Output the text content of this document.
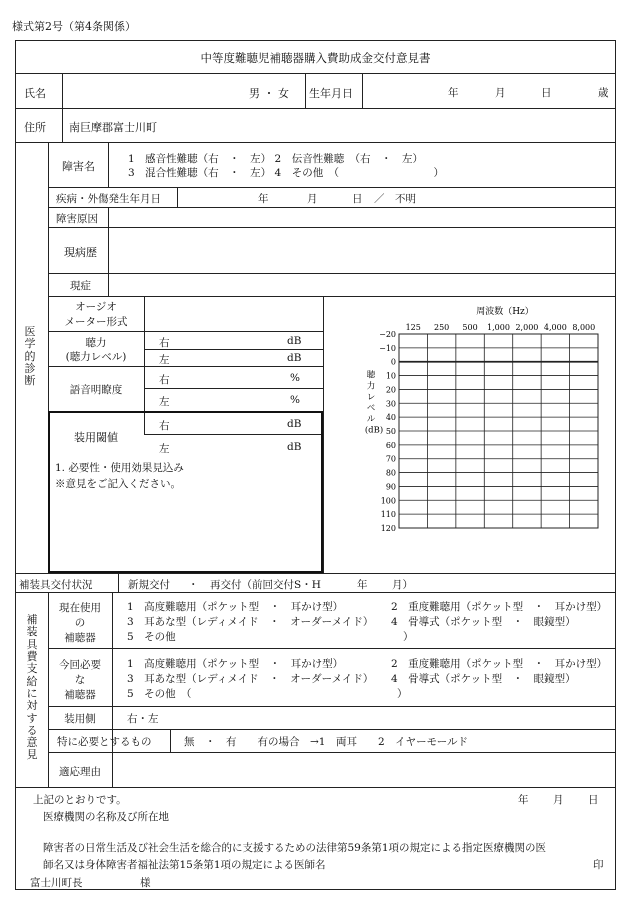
様式第2号（第4条関係）
中等度難聴児補聴器購入費助成金交付意見書
氏名	男 ・ 女 生年月日	年	月	日	歳
住所 南巨摩郡富士川町
医学的診断
障害名
1　感音性難聴（右　・　左） 2　伝音性難聴　（右　・　左）
3　混合性難聴（右　・　左） 4　その他　（　　　　　　　　　）
疾病・外傷発生年月日	年	月	日 ／　不明
障害原因
現病歴
現症
オージオ
メーター形式
聴力
(聴力レベル)
右	dB
左	dB
語音明瞭度
右	%
左	%
装用閾値
右	dB
左	dB
1. 必要性・使用効果見込み
※意見をご記入ください。
周波数（Hz）
125 250 500 1,000 2,000 4,000 8,000
−20
−10
0
10
20
30
40
50
60
70
80
90
100
110
120
聴
力
レ
ベ
ル
(dB)
補装具交付状況	新規交付 ・ 再交付（前回交付S・H	年 月）
補装具費支給に対する意見
現在使用
の
補聴器
1　高度難聴用（ポケット型　・　耳かけ型）	2　重度難聴用（ポケット型　・　耳かけ型）
3　耳あな型（レディメイド　・　オーダーメイド） 4　骨導式（ポケット型　・　眼鏡型）
5　その他	）
今回必要
な
補聴器
1　高度難聴用（ポケット型　・　耳かけ型）	2　重度難聴用（ポケット型　・　耳かけ型）
3　耳あな型（レディメイド　・　オーダーメイド） 4　骨導式（ポケット型　・　眼鏡型）
5　その他　（	）
装用側	右・左
特に必要とするもの	無　・　有　　有の場合　→1　両耳　　2　イヤーモールド
適応理由
上記のとおりです。	年 月 日
医療機関の名称及び所在地
障害者の日常生活及び社会生活を総合的に支援するための法律第59条第1項の規定による指定医療機関の医
師名又は身体障害者福祉法第15条第1項の規定による医師名	印
富士川町長	様
